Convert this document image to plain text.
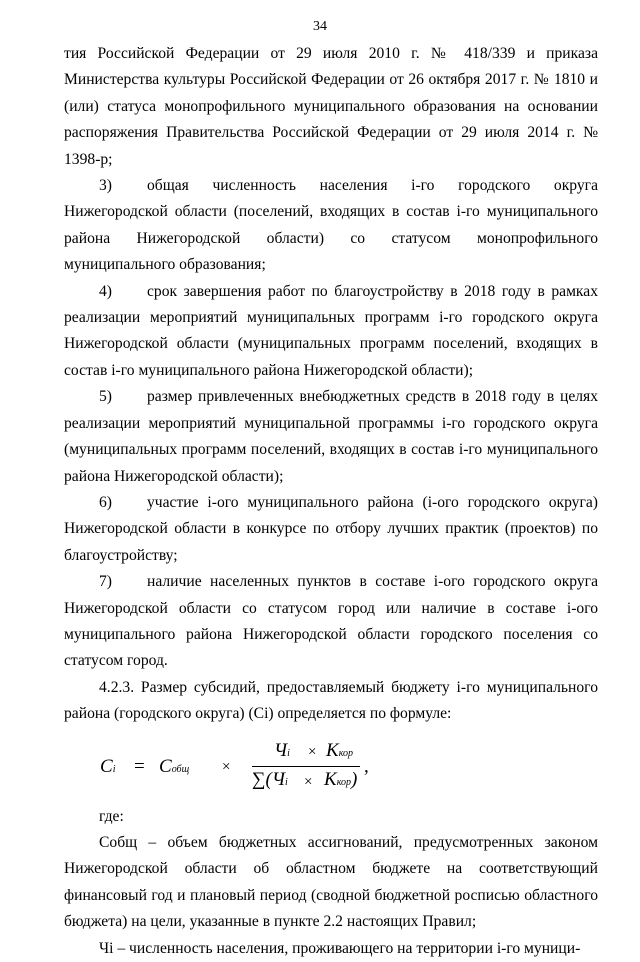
34

тия Российской Федерации от 29 июля 2010 г. № 418/339 и приказа Министерства культуры Российской Федерации от 26 октября 2017 г. № 1810 и (или) статуса монопрофильного муниципального образования на основании распоряжения Правительства Российской Федерации от 29 июля 2014 г. № 1398-р;

3) общая численность населения i-го городского округа Нижегородской области (поселений, входящих в состав i-го муниципального района Нижегородской области) со статусом монопрофильного муниципального образования;

4) срок завершения работ по благоустройству в 2018 году в рамках реализации мероприятий муниципальных программ i-го городского округа Нижегородской области (муниципальных программ поселений, входящих в состав i-го муниципального района Нижегородской области);

5) размер привлеченных внебюджетных средств в 2018 году в целях реализации мероприятий муниципальной программы i-го городского округа (муниципальных программ поселений, входящих в состав i-го муниципального района Нижегородской области);

6) участие i-ого муниципального района (i-ого городского округа) Нижегородской области в конкурсе по отбору лучших практик (проектов) по благоустройству;

7) наличие населенных пунктов в составе i-ого городского округа Нижегородской области со статусом город или наличие в составе i-ого муниципального района Нижегородской области городского поселения со статусом город.

4.2.3. Размер субсидий, предоставляемый бюджету i-го муниципального района (городского округа) (Ci) определяется по формуле:

Ci = Cобщ ×
Чi × Kкор
∑(Чi × Kкор)
,

где:

Cобщ – объем бюджетных ассигнований, предусмотренных законом Нижегородской области об областном бюджете на соответствующий финансовый год и плановый период (сводной бюджетной росписью областного бюджета) на цели, указанные в пункте 2.2 настоящих Правил;

Чi – численность населения, проживающего на территории i-го муници-
